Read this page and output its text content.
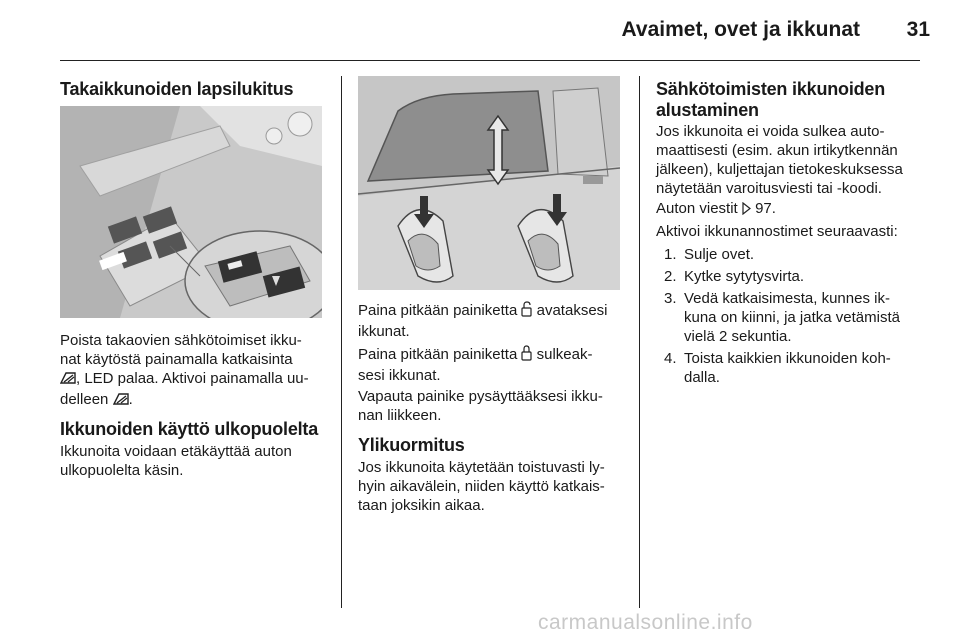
Avaimet, ovet ja ikkunat	31
Takaikkunoiden lapsilukitus
Poista takaovien sähkötoimiset ikku-
nat käytöstä painamalla katkaisinta
, LED palaa. Aktivoi painamalla uu-
delleen .
Ikkunoiden käyttö ulkopuolelta
Ikkunoita voidaan etäkäyttää auton
ulkopuolelta käsin.
Paina pitkään painiketta avataksesi
ikkunat.
Paina pitkään painiketta sulkeak-
sesi ikkunat.
Vapauta painike pysäyttääksesi ikku-
nan liikkeen.
Ylikuormitus
Jos ikkunoita käytetään toistuvasti ly-
hyin aikavälein, niiden käyttö katkais-
taan joksikin aikaa.
Sähkötoimisten ikkunoiden
alustaminen
Jos ikkunoita ei voida sulkea auto-
maattisesti (esim. akun irtikytkennän
jälkeen), kuljettajan tietokeskuksessa
näytetään varoitusviesti tai -koodi.
Auton viestit 97.
Aktivoi ikkunannostimet seuraavasti:
1. Sulje ovet.
2. Kytke sytytysvirta.
3. Vedä katkaisimesta, kunnes ik-
kuna on kiinni, ja jatka vetämistä
vielä 2 sekuntia.
4. Toista kaikkien ikkunoiden koh-
dalla.
carmanualsonline.info
